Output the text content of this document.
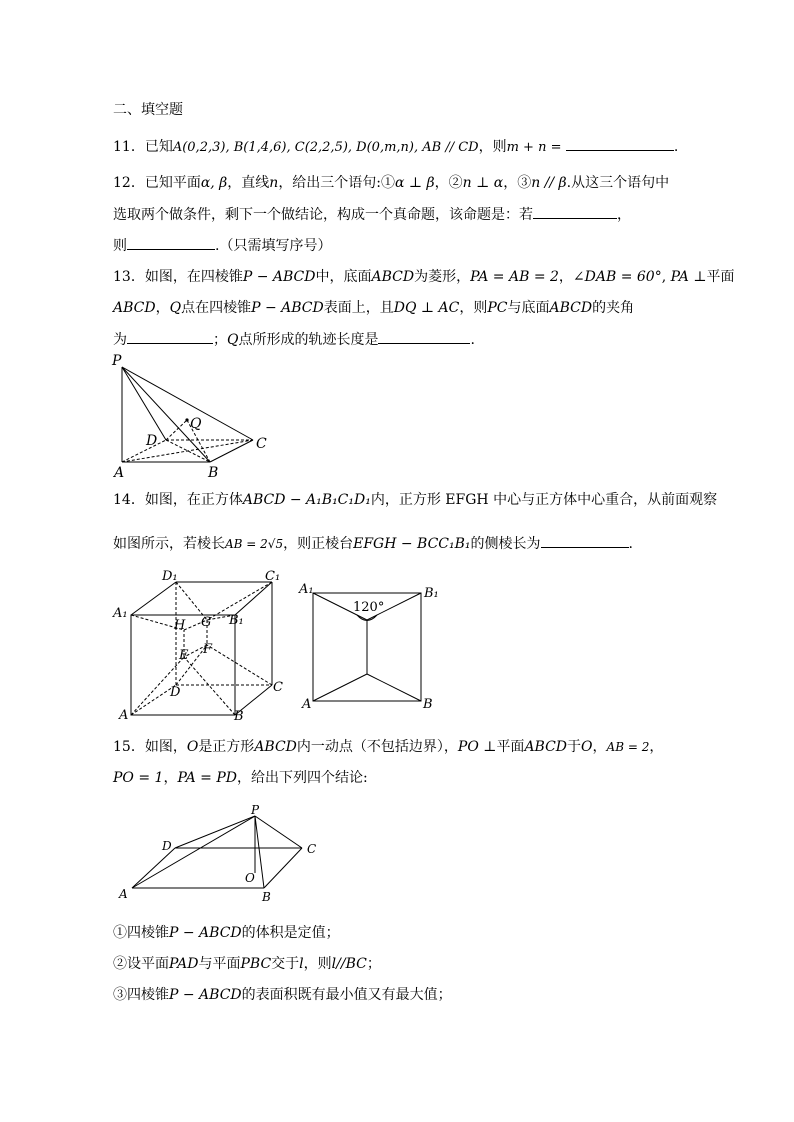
二、填空题
11．已知A(0,2,3), B(1,4,6), C(2,2,5), D(0,m,n), AB // CD，则m + n =	.
12．已知平面α, β，直线n，给出三个语句:①α ⊥ β，②n ⊥ α，③n // β.从这三个语句中
选取两个做条件，剩下一个做结论，构成一个真命题，该命题是：若	，
则	.（只需填写序号）
13．如图，在四棱锥P − ABCD中，底面ABCD为菱形，PA = AB = 2，∠DAB = 60°, PA ⊥平面
ABCD，Q点在四棱锥P − ABCD表面上，且DQ ⊥ AC，则PC与底面ABCD的夹角
为	；Q点所形成的轨迹长度是	.
P
Q
D	C
A	B
14．如图，在正方体ABCD − A₁B₁C₁D₁内，正方形 EFGH 中心与正方体中心重合，从前面观察
如图所示，若棱长AB = 2√5，则正棱台EFGH − BCC₁B₁的侧棱长为	.
D₁	C₁
A₁	B₁
H G
E F
D	C
A	B
A₁	B₁
A	B
120°
15．如图，O是正方形ABCD内一动点（不包括边界），PO ⊥平面ABCD于O，AB = 2，
PO = 1，PA = PD，给出下列四个结论:
P
D	C
O
A	B
①四棱锥P − ABCD的体积是定值；
②设平面PAD与平面PBC交于l，则l//BC；
③四棱锥P − ABCD的表面积既有最小值又有最大值；
